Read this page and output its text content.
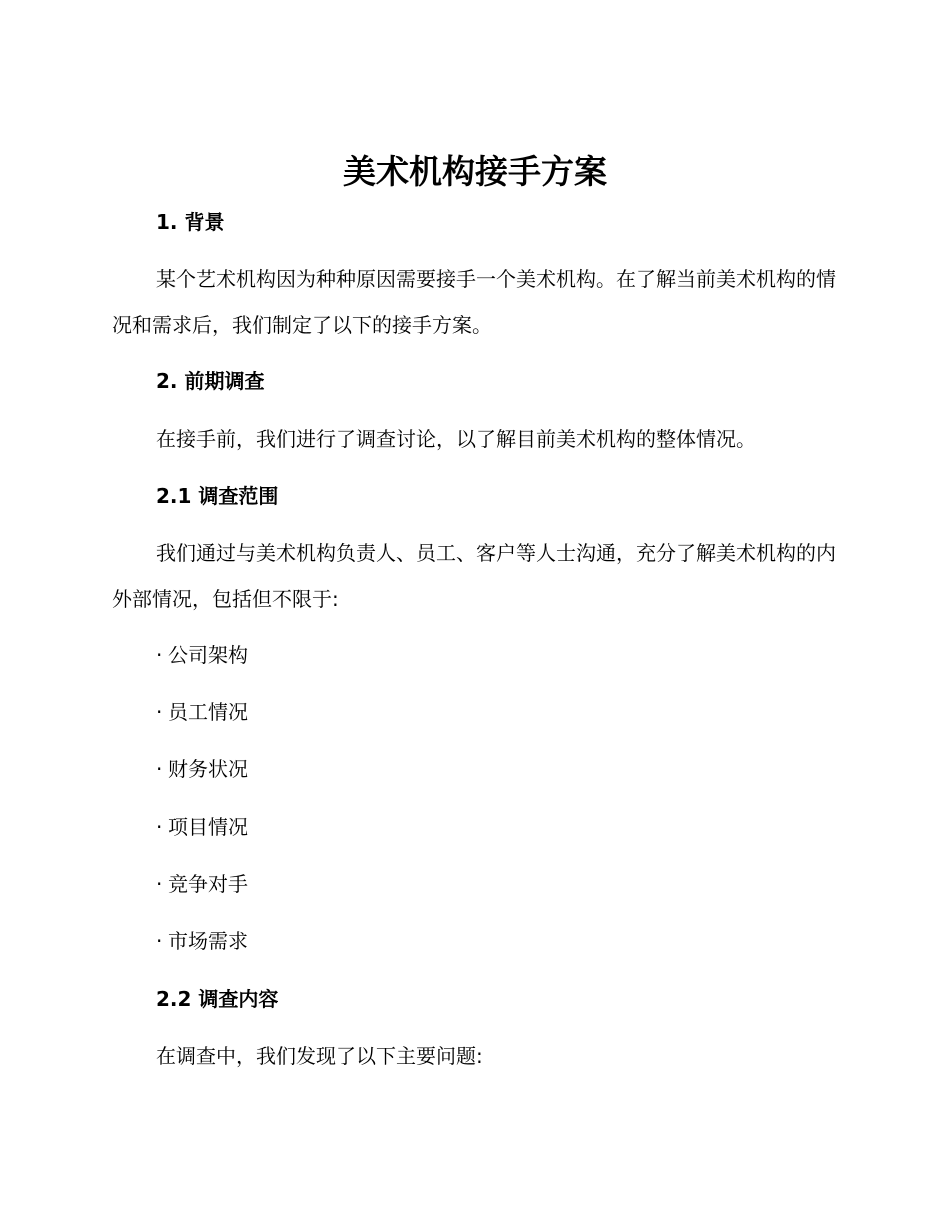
美术机构接手方案
1. 背景

某个艺术机构因为种种原因需要接手一个美术机构。在了解当前美术机构的情况和需求后，我们制定了以下的接手方案。

2. 前期调查

在接手前，我们进行了调查讨论，以了解目前美术机构的整体情况。

2.1 调查范围

我们通过与美术机构负责人、员工、客户等人士沟通，充分了解美术机构的内外部情况，包括但不限于:

· 公司架构

· 员工情况

· 财务状况

· 项目情况

· 竞争对手

· 市场需求

2.2 调查内容

在调查中，我们发现了以下主要问题:
